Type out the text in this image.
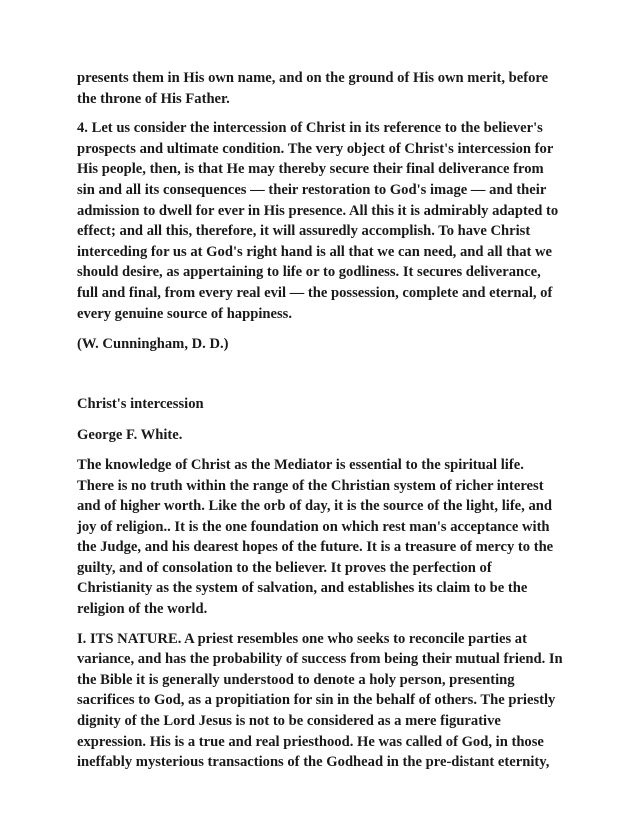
presents them in His own name, and on the ground of His own merit, before
the throne of His Father.

4. Let us consider the intercession of Christ in its reference to the believer's
prospects and ultimate condition. The very object of Christ's intercession for
His people, then, is that He may thereby secure their final deliverance from
sin and all its consequences — their restoration to God's image — and their
admission to dwell for ever in His presence. All this it is admirably adapted to
effect; and all this, therefore, it will assuredly accomplish. To have Christ
interceding for us at God's right hand is all that we can need, and all that we
should desire, as appertaining to life or to godliness. It secures deliverance,
full and final, from every real evil — the possession, complete and eternal, of
every genuine source of happiness.

(W. Cunningham, D. D.)

Christ's intercession

George F. White.

The knowledge of Christ as the Mediator is essential to the spiritual life.
There is no truth within the range of the Christian system of richer interest
and of higher worth. Like the orb of day, it is the source of the light, life, and
joy of religion.. It is the one foundation on which rest man's acceptance with
the Judge, and his dearest hopes of the future. It is a treasure of mercy to the
guilty, and of consolation to the believer. It proves the perfection of
Christianity as the system of salvation, and establishes its claim to be the
religion of the world.

I. ITS NATURE. A priest resembles one who seeks to reconcile parties at
variance, and has the probability of success from being their mutual friend. In
the Bible it is generally understood to denote a holy person, presenting
sacrifices to God, as a propitiation for sin in the behalf of others. The priestly
dignity of the Lord Jesus is not to be considered as a mere figurative
expression. His is a true and real priesthood. He was called of God, in those
ineffably mysterious transactions of the Godhead in the pre-distant eternity,
